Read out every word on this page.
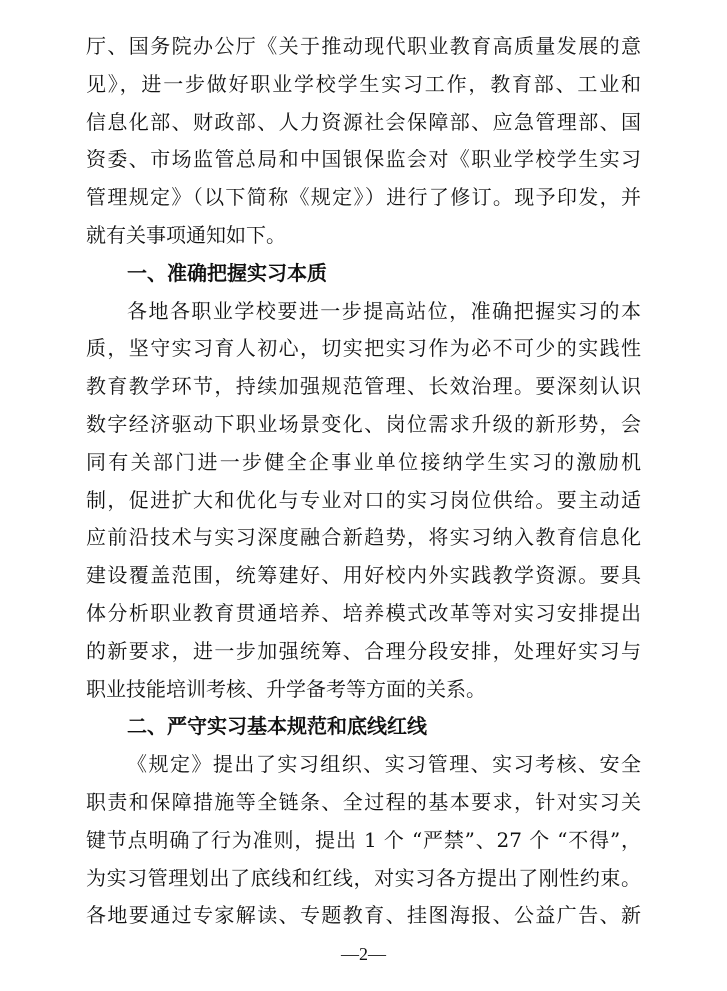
厅、国务院办公厅《关于推动现代职业教育高质量发展的意
见》，进一步做好职业学校学生实习工作，教育部、工业和
信息化部、财政部、人力资源社会保障部、应急管理部、国
资委、市场监管总局和中国银保监会对《职业学校学生实习
管理规定》（以下简称《规定》）进行了修订。现予印发，并
就有关事项通知如下。
一、准确把握实习本质
各地各职业学校要进一步提高站位，准确把握实习的本
质，坚守实习育人初心，切实把实习作为必不可少的实践性
教育教学环节，持续加强规范管理、长效治理。要深刻认识
数字经济驱动下职业场景变化、岗位需求升级的新形势，会
同有关部门进一步健全企事业单位接纳学生实习的激励机
制，促进扩大和优化与专业对口的实习岗位供给。要主动适
应前沿技术与实习深度融合新趋势，将实习纳入教育信息化
建设覆盖范围，统筹建好、用好校内外实践教学资源。要具
体分析职业教育贯通培养、培养模式改革等对实习安排提出
的新要求，进一步加强统筹、合理分段安排，处理好实习与
职业技能培训考核、升学备考等方面的关系。
二、严守实习基本规范和底线红线
《规定》提出了实习组织、实习管理、实习考核、安全
职责和保障措施等全链条、全过程的基本要求，针对实习关
键节点明确了行为准则，提出 1 个 “严禁”、27 个 “不得”，
为实习管理划出了底线和红线，对实习各方提出了刚性约束。
各地要通过专家解读、专题教育、挂图海报、公益广告、新
—2—
